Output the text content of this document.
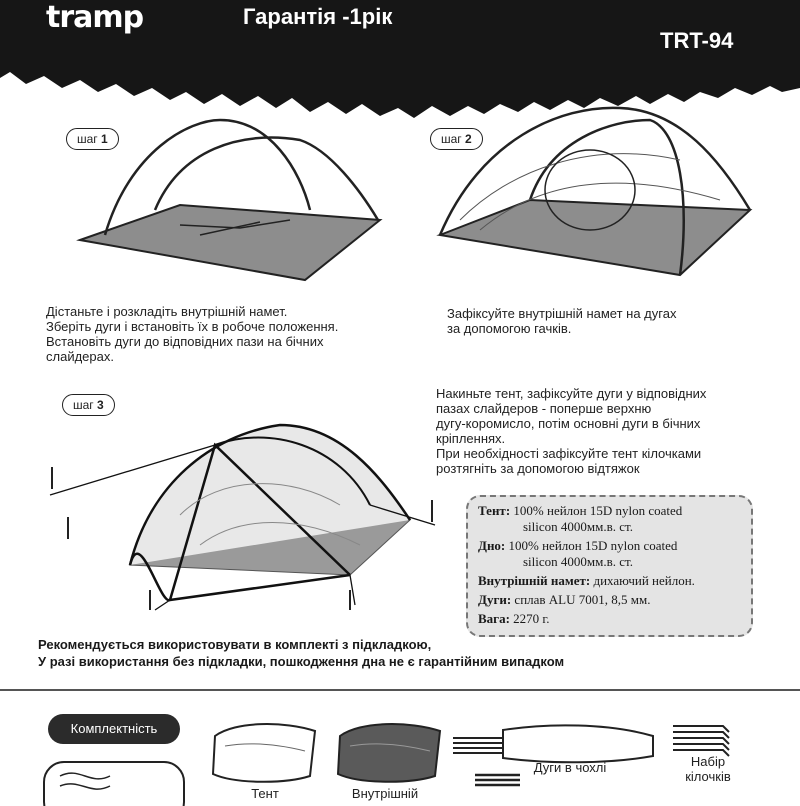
tramp	Гарантія -1рік
TRT-94
шаг 1
Дістаньте і розкладіть внутрішній намет.
Зберіть дуги і встановіть їх в робоче положення.
Встановіть дуги до відповідних пази на бічних
слайдерах.
шаг 2
Зафіксуйте внутрішній намет на дугах
за допомогою гачків.
шаг 3
Накиньте тент, зафіксуйте дуги у відповідних
пазах слайдеров - поперше верхню
дугу-коромисло, потім основні дуги в бічних
кріпленнях.
При необхідності зафіксуйте тент кілочками
розтягніть за допомогою відтяжок
Тент: 100% нейлон 15D nylon coated
silicon 4000мм.в. ст.
Дно: 100% нейлон 15D nylon coated
silicon 4000мм.в. ст.
Внутрішній намет: дихаючий нейлон.
Дуги: сплав ALU 7001, 8,5 мм.
Вага: 2270 г.
Рекомендується використовувати в комплекті з підкладкою,
У разі використання без підкладки, пошкодження дна не є гарантійним випадком
Комплектність
Тент	Внутрішній
Дуги в чохлі	Набір
кілочків
